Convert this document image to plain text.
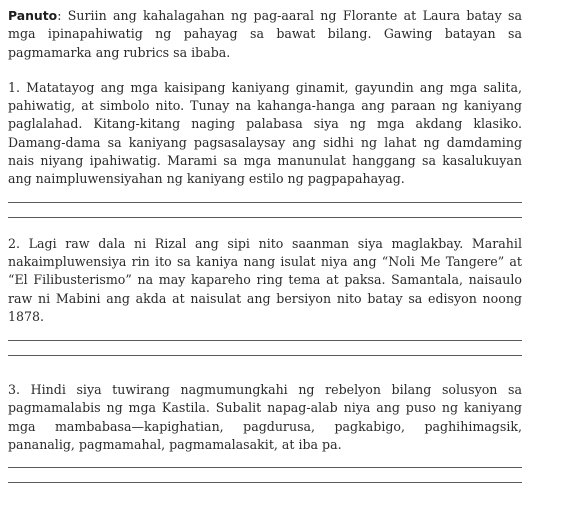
Panuto: Suriin ang kahalagahan ng pag-aaral ng Florante at Laura batay sa mga ipinapahiwatig ng pahayag sa bawat bilang. Gawing batayan sa pagmamarka ang rubrics sa ibaba.

1. Matatayog ang mga kaisipang kaniyang ginamit, gayundin ang mga salita, pahiwatig, at simbolo nito. Tunay na kahanga-hanga ang paraan ng kaniyang paglalahad. Kitang-kitang naging palabasa siya ng mga akdang klasiko. Damang-dama sa kaniyang pagsasalaysay ang sidhi ng lahat ng damdaming nais niyang ipahiwatig. Marami sa mga manunulat hanggang sa kasalukuyan ang naimpluwensiyahan ng kaniyang estilo ng pagpapahayag.

2. Lagi raw dala ni Rizal ang sipi nito saanman siya maglakbay. Marahil nakaimpluwensiya rin ito sa kaniya nang isulat niya ang “Noli Me Tangere” at “El Filibusterismo” na may kapareho ring tema at paksa. Samantala, naisaulo raw ni Mabini ang akda at naisulat ang bersiyon nito batay sa edisyon noong 1878.

3. Hindi siya tuwirang nagmumungkahi ng rebelyon bilang solusyon sa pagmamalabis ng mga Kastila. Subalit napag-alab niya ang puso ng kaniyang mga mambabasa—kapighatian, pagdurusa, pagkabigo, paghihimagsik, pananalig, pagmamahal, pagmamalasakit, at iba pa.
